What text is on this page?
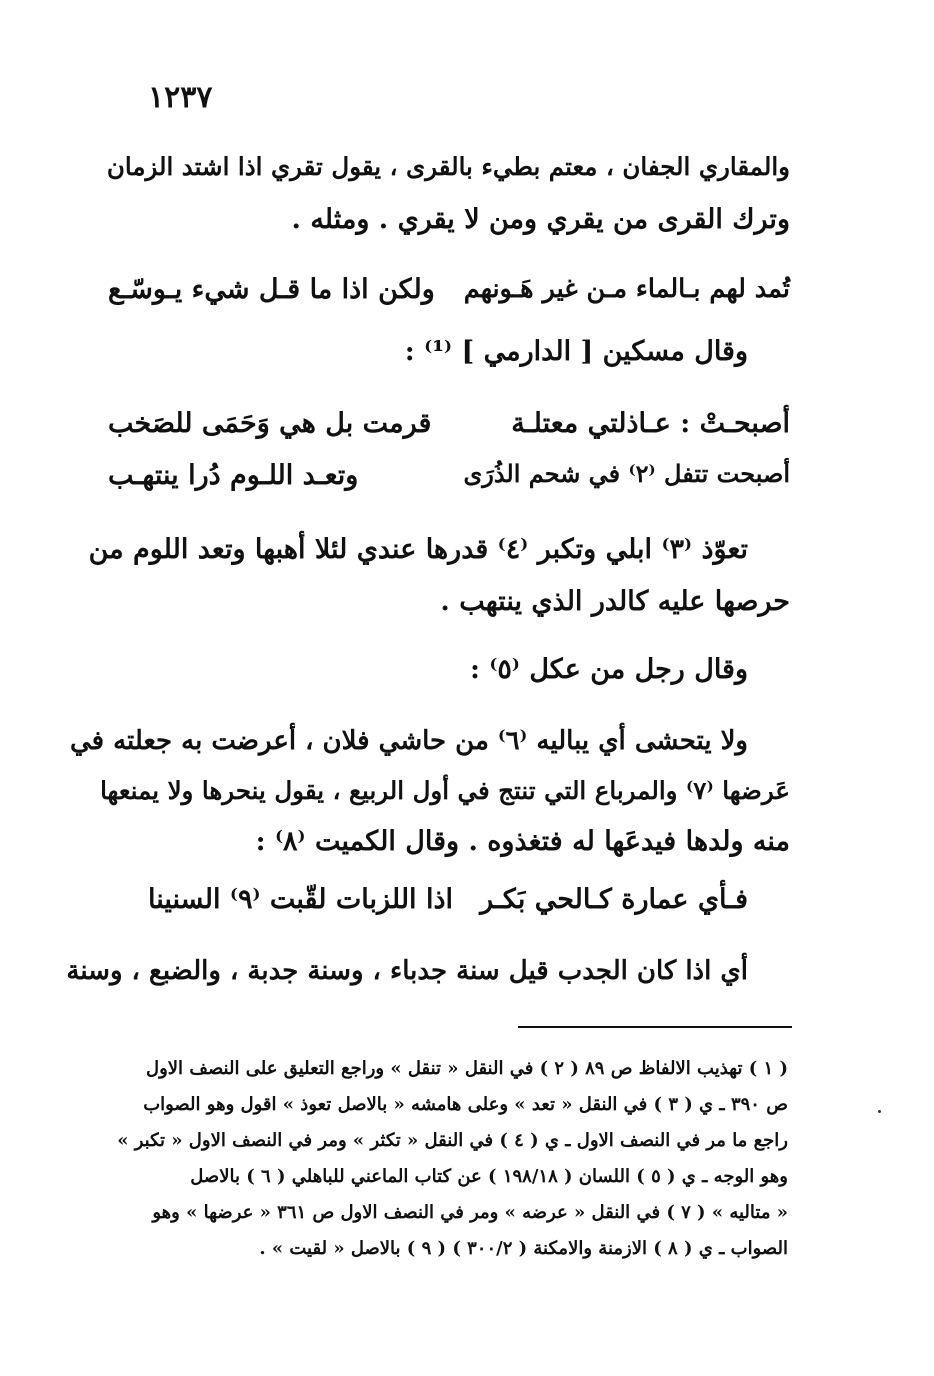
١٢٣٧
والمقاري الجفان ، معتم بطيء بالقرى ، يقول تقري اذا اشتد الزمان
وترك القرى من يقري ومن لا يقري . ومثله .
تُمد لهم بـالماء مـن غير هَـونهم
ولكن اذا ما قـل شيء يـوسّـع
وقال مسكين [ الدارمي ] ⁽¹⁾ :
أصبحـتْ : عـاذلتي معتلـة
قرمت بل هي وَحَمَى للصَخب
أصبحت تتفل ⁽٢⁾ في شحم الذُرَى
وتعـد اللـوم دُرا ينتهـب
تعوّذ ⁽٣⁾ ابلي وتكبر ⁽٤⁾ قدرها عندي لئلا أهبها وتعد اللوم من
حرصها عليه كالدر الذي ينتهب .
وقال رجل من عكل ⁽٥⁾ :
ولا يتحشى أي يباليه ⁽٦⁾ من حاشي فلان ، أعرضت به جعلته في
عَرضها ⁽٧⁾ والمرباع التي تنتج في أول الربيع ، يقول ينحرها ولا يمنعها
منه ولدها فيدعَها له فتغذوه . وقال الكميت ⁽٨⁾ :
فـأي عمارة كـالحي بَكـر
اذا اللزبات لقّبت ⁽٩⁾ السنينا
أي اذا كان الجدب قيل سنة جدباء ، وسنة جدبة ، والضبع ، وسنة
( ١ ) تهذيب الالفاظ ص ٨٩ ( ٢ ) في النقل « تنقل » وراجع التعليق على النصف الاول
ص ٣٩٠ ـ ي ( ٣ ) في النقل « تعد » وعلى هامشه « بالاصل تعوذ » اقول وهو الصواب
راجع ما مر في النصف الاول ـ ي ( ٤ ) في النقل « تكثر » ومر في النصف الاول « تكبر »
وهو الوجه ـ ي ( ٥ ) اللسان ( ١٩٨/١٨ ) عن كتاب الماعني للباهلي ( ٦ ) بالاصل
« متاليه » ( ٧ ) في النقل « عرضه » ومر في النصف الاول ص ٣٦١ « عرضها » وهو
الصواب ـ ي ( ٨ ) الازمنة والامكنة ( ٣٠٠/٢ ) ( ٩ ) بالاصل « لقيت » .
